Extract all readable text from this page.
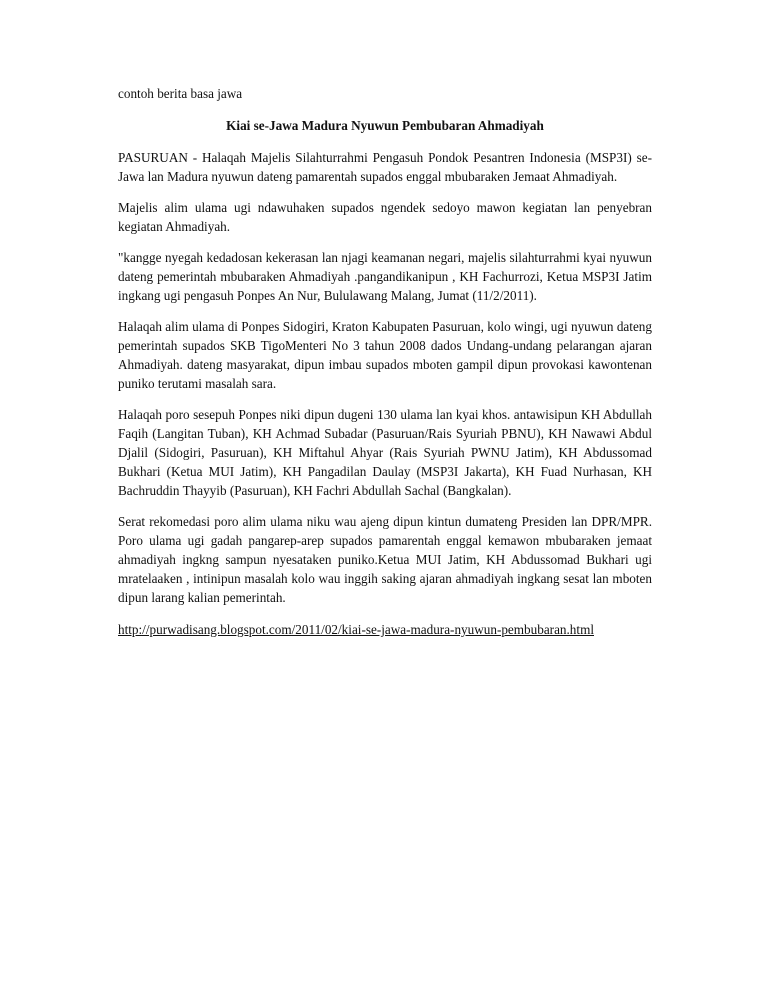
contoh berita basa jawa

Kiai se-Jawa Madura Nyuwun Pembubaran Ahmadiyah

PASURUAN - Halaqah Majelis Silahturrahmi Pengasuh Pondok Pesantren Indonesia (MSP3I) se-Jawa lan Madura nyuwun dateng pamarentah supados enggal mbubaraken Jemaat Ahmadiyah.

Majelis alim ulama ugi ndawuhaken supados ngendek sedoyo mawon kegiatan lan penyebran kegiatan Ahmadiyah.

"kangge nyegah kedadosan kekerasan lan njagi keamanan negari, majelis silahturrahmi kyai nyuwun dateng pemerintah mbubaraken Ahmadiyah .pangandikanipun , KH Fachurrozi, Ketua MSP3I Jatim ingkang ugi pengasuh Ponpes An Nur, Bululawang Malang, Jumat (11/2/2011).

Halaqah alim ulama di Ponpes Sidogiri, Kraton Kabupaten Pasuruan, kolo wingi, ugi nyuwun dateng pemerintah supados SKB TigoMenteri No 3 tahun 2008 dados Undang-undang pelarangan ajaran Ahmadiyah. dateng masyarakat, dipun imbau supados mboten gampil dipun provokasi kawontenan puniko terutami masalah sara.

Halaqah poro sesepuh Ponpes niki dipun dugeni 130 ulama lan kyai khos. antawisipun KH Abdullah Faqih (Langitan Tuban), KH Achmad Subadar (Pasuruan/Rais Syuriah PBNU), KH Nawawi Abdul Djalil (Sidogiri, Pasuruan), KH Miftahul Ahyar (Rais Syuriah PWNU Jatim), KH Abdussomad Bukhari (Ketua MUI Jatim), KH Pangadilan Daulay (MSP3I Jakarta), KH Fuad Nurhasan, KH Bachruddin Thayyib (Pasuruan), KH Fachri Abdullah Sachal (Bangkalan).

Serat rekomedasi poro alim ulama niku wau ajeng dipun kintun dumateng Presiden lan DPR/MPR. Poro ulama ugi gadah pangarep-arep supados pamarentah enggal kemawon mbubaraken jemaat ahmadiyah ingkng sampun nyesataken puniko.Ketua MUI Jatim, KH Abdussomad Bukhari ugi mratelaaken , intinipun masalah kolo wau inggih saking ajaran ahmadiyah ingkang sesat lan mboten dipun larang kalian pemerintah.

http://purwadisang.blogspot.com/2011/02/kiai-se-jawa-madura-nyuwun-pembubaran.html
